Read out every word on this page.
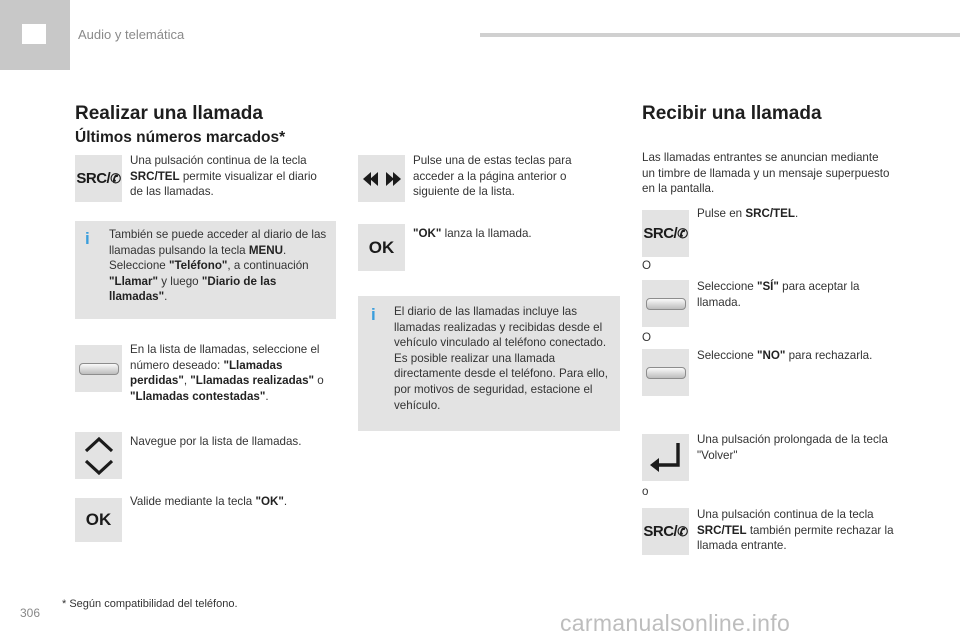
Audio y telemática
Realizar una llamada
Últimos números marcados*
SRC/✆
Una pulsación continua de la tecla SRC/TEL permite visualizar el diario de las llamadas.
i También se puede acceder al diario de las llamadas pulsando la tecla MENU. Seleccione "Teléfono", a continuación "Llamar" y luego "Diario de las llamadas".
En la lista de llamadas, seleccione el número deseado: "Llamadas perdidas", "Llamadas realizadas" o "Llamadas contestadas".
Navegue por la lista de llamadas.
OK
Valide mediante la tecla "OK".
Pulse una de estas teclas para acceder a la página anterior o siguiente de la lista.
OK
"OK" lanza la llamada.
i El diario de las llamadas incluye las llamadas realizadas y recibidas desde el vehículo vinculado al teléfono conectado. Es posible realizar una llamada directamente desde el teléfono. Para ello, por motivos de seguridad, estacione el vehículo.
Recibir una llamada
Las llamadas entrantes se anuncian mediante un timbre de llamada y un mensaje superpuesto en la pantalla.
SRC/✆
Pulse en SRC/TEL.
O
Seleccione "SÍ" para aceptar la llamada.
O
Seleccione "NO" para rechazarla.
Una pulsación prolongada de la tecla "Volver"
o
SRC/✆
Una pulsación continua de la tecla SRC/TEL también permite rechazar la llamada entrante.
* Según compatibilidad del teléfono.
306	carmanualsonline.info
